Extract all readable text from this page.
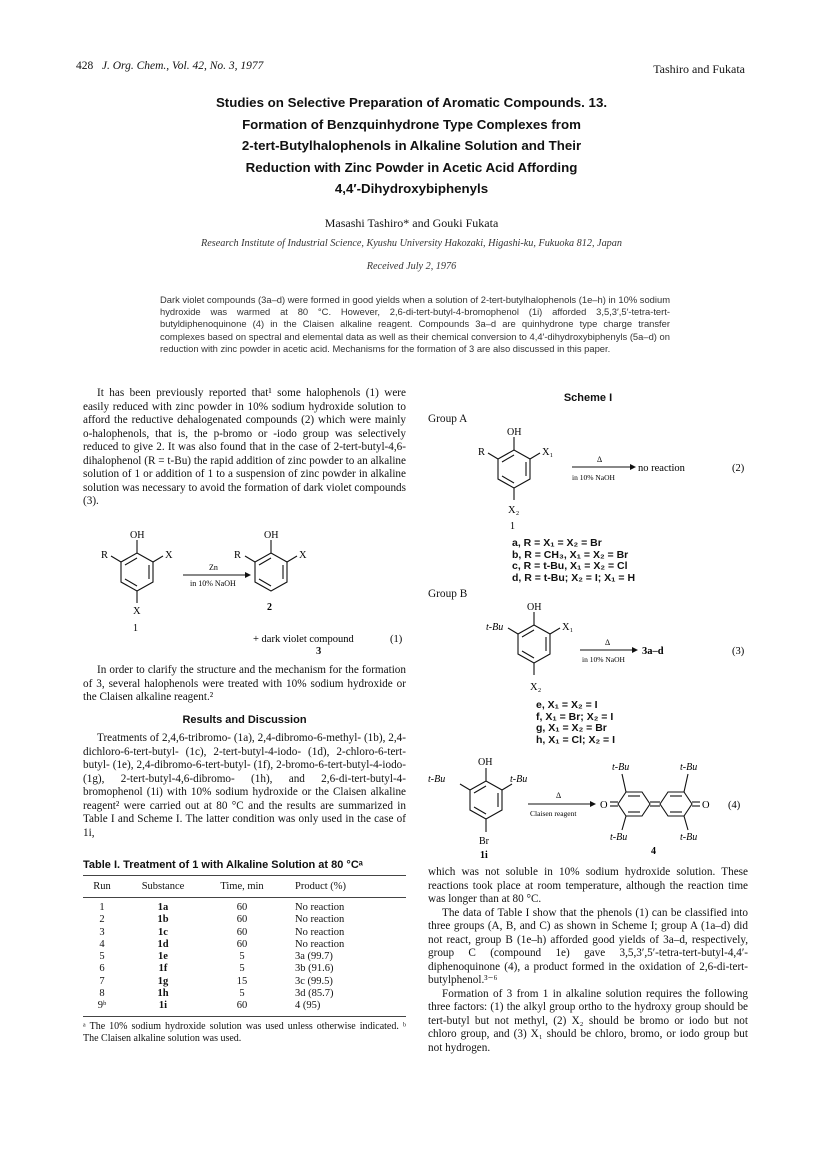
428 J. Org. Chem., Vol. 42, No. 3, 1977	Tashiro and Fukata
Studies on Selective Preparation of Aromatic Compounds. 13.
Formation of Benzquinhydrone Type Complexes from
2-tert-Butylhalophenols in Alkaline Solution and Their
Reduction with Zinc Powder in Acetic Acid Affording
4,4′-Dihydroxybiphenyls
Masashi Tashiro* and Gouki Fukata
Research Institute of Industrial Science, Kyushu University Hakozaki, Higashi-ku, Fukuoka 812, Japan
Received July 2, 1976
Dark violet compounds (3a–d) were formed in good yields when a solution of 2-tert-butylhalophenols (1e–h) in 10% sodium hydroxide was warmed at 80 °C. However, 2,6-di-tert-butyl-4-bromophenol (1i) afforded 3,5,3′,5′-tetra-tert-butyldiphenoquinone (4) in the Claisen alkaline reagent. Compounds 3a–d are quinhydrone type charge transfer complexes based on spectral and elemental data as well as their chemical conversion to 4,4′-dihydroxybiphenyls (5a–d) on reduction with zinc powder in acetic acid. Mechanisms for the formation of 3 are also discussed in this paper.

It has been previously reported that¹ some halophenols (1) were easily reduced with zinc powder in 10% sodium hydroxide solution to afford the reductive dehalogenated compounds (2) which were mainly o-halophenols, that is, the p-bromo or -iodo group was selectively reduced to give 2. It was also found that in the case of 2-tert-butyl-4,6-dihalophenol (R = t-Bu) the rapid addition of zinc powder to an alkaline solution of 1 or addition of 1 to a suspension of zinc powder in alkaline solution was necessary to avoid the formation of dark violet compounds (3).

OH
R	X
X
1
Zn
in 10% NaOH
OH
R	X
2
+ dark violet compound	(1)
3

In order to clarify the structure and the mechanism for the formation of 3, several halophenols were treated with 10% sodium hydroxide or the Claisen alkaline reagent.²

Results and Discussion

Treatments of 2,4,6-tribromo- (1a), 2,4-dibromo-6-methyl- (1b), 2,4-dichloro-6-tert-butyl- (1c), 2-tert-butyl-4-iodo- (1d), 2-chloro-6-tert-butyl- (1e), 2,4-dibromo-6-tert-butyl- (1f), 2-bromo-6-tert-butyl-4-iodo- (1g), 2-tert-butyl-4,6-dibromo- (1h), and 2,6-di-tert-butyl-4-bromophenol (1i) with 10% sodium hydroxide or the Claisen alkaline reagent² were carried out at 80 °C and the results are summarized in Table I and Scheme I. The latter condition was only used in the case of 1i,

Table I. Treatment of 1 with Alkaline Solution at 80 °Cᵃ
Run	Substance	Time, min	Product (%)
1	1a	60	No reaction
2	1b	60	No reaction
3	1c	60	No reaction
4	1d	60	No reaction
5	1e	5	3a (99.7)
6	1f	5	3b (91.6)
7	1g	15	3c (99.5)
8	1h	5	3d (85.7)
9ᵇ	1i	60	4 (95)
ᵃ The 10% sodium hydroxide solution was used unless otherwise indicated. ᵇ The Claisen alkaline solution was used.
Scheme I
Group A
OH
R	X₁
X₂
1
Δ
in 10% NaOH
no reaction	(2)
a, R = X₁ = X₂ = Br
b, R = CH₃, X₁ = X₂ = Br
c, R = t-Bu, X₁ = X₂ = Cl
d, R = t-Bu; X₂ = I; X₁ = H
Group B
OH
t-Bu	X₁
X₂
Δ
in 10% NaOH
3a–d	(3)
e, X₁ = X₂ = I
f, X₁ = Br; X₂ = I
g, X₁ = X₂ = Br
h, X₁ = Cl; X₂ = I
OH
t-Bu	t-Bu
Br
1i
Δ
Claisen reagent
O	O
t-Bu	t-Bu
t-Bu	t-Bu
4
(4)

which was not soluble in 10% sodium hydroxide solution. These reactions took place at room temperature, although the reaction time was longer than at 80 °C.

The data of Table I show that the phenols (1) can be classified into three groups (A, B, and C) as shown in Scheme I; group A (1a–d) did not react, group B (1e–h) afforded good yields of 3a–d, respectively, group C (compound 1e) gave 3,5,3′,5′-tetra-tert-butyl-4,4′-diphenoquinone (4), a product formed in the oxidation of 2,6-di-tert-butylphenol.³⁻⁶

Formation of 3 from 1 in alkaline solution requires the following three factors: (1) the alkyl group ortho to the hydroxy group should be tert-butyl but not methyl, (2) X₂ should be bromo or iodo but not chloro group, and (3) X₁ should be chloro, bromo, or iodo group but not hydrogen.
